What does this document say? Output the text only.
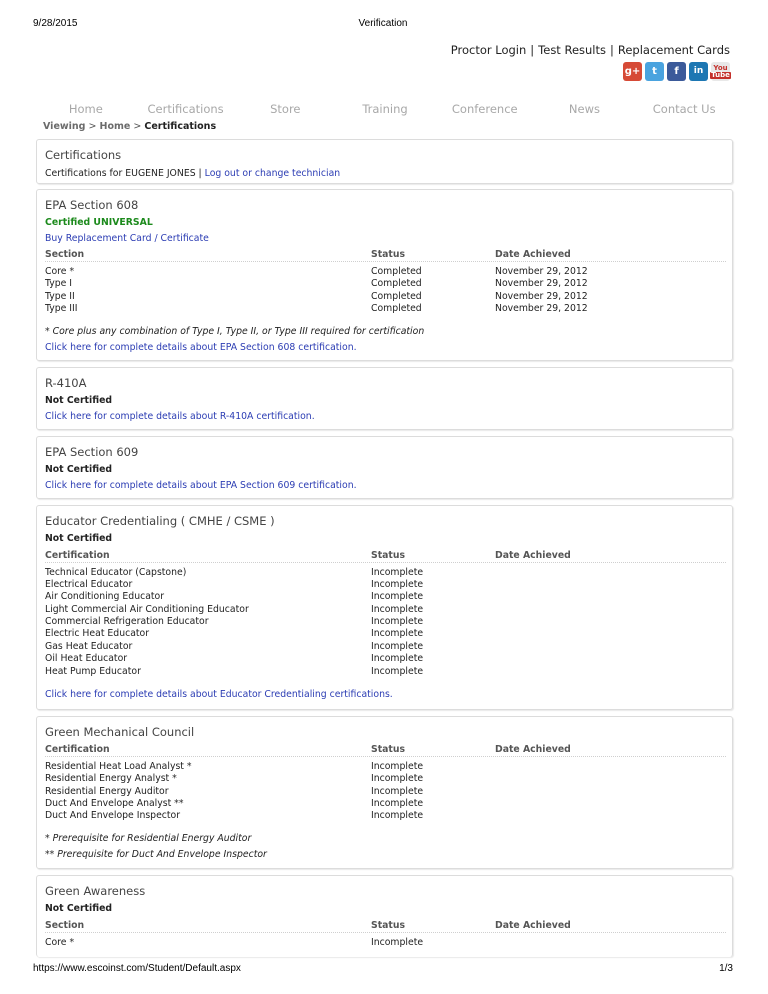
9/28/2015	Verification
Proctor Login | Test Results | Replacement Cards
g+	t	f	in	You
Tube
Home	Certifications	Store	Training	Conference	News	Contact Us
Viewing > Home > Certifications
Certifications
Certifications for EUGENE JONES | Log out or change technician
EPA Section 608
Certified UNIVERSAL
Buy Replacement Card / Certificate
Section	Status	Date Achieved
Core *	Completed	November 29, 2012
Type I	Completed	November 29, 2012
Type II	Completed	November 29, 2012
Type III	Completed	November 29, 2012
* Core plus any combination of Type I, Type II, or Type III required for certification
Click here for complete details about EPA Section 608 certification.
R-410A
Not Certified
Click here for complete details about R-410A certification.
EPA Section 609
Not Certified
Click here for complete details about EPA Section 609 certification.
Educator Credentialing ( CMHE / CSME )
Not Certified
Certification	Status	Date Achieved
Technical Educator (Capstone)	Incomplete
Electrical Educator	Incomplete
Air Conditioning Educator	Incomplete
Light Commercial Air Conditioning Educator	Incomplete
Commercial Refrigeration Educator	Incomplete
Electric Heat Educator	Incomplete
Gas Heat Educator	Incomplete
Oil Heat Educator	Incomplete
Heat Pump Educator	Incomplete
Click here for complete details about Educator Credentialing certifications.
Green Mechanical Council
Certification	Status	Date Achieved
Residential Heat Load Analyst *	Incomplete
Residential Energy Analyst *	Incomplete
Residential Energy Auditor	Incomplete
Duct And Envelope Analyst **	Incomplete
Duct And Envelope Inspector	Incomplete
* Prerequisite for Residential Energy Auditor
** Prerequisite for Duct And Envelope Inspector
Green Awareness
Not Certified
Section	Status	Date Achieved
Core *	Incomplete
https://www.escoinst.com/Student/Default.aspx	1/3
